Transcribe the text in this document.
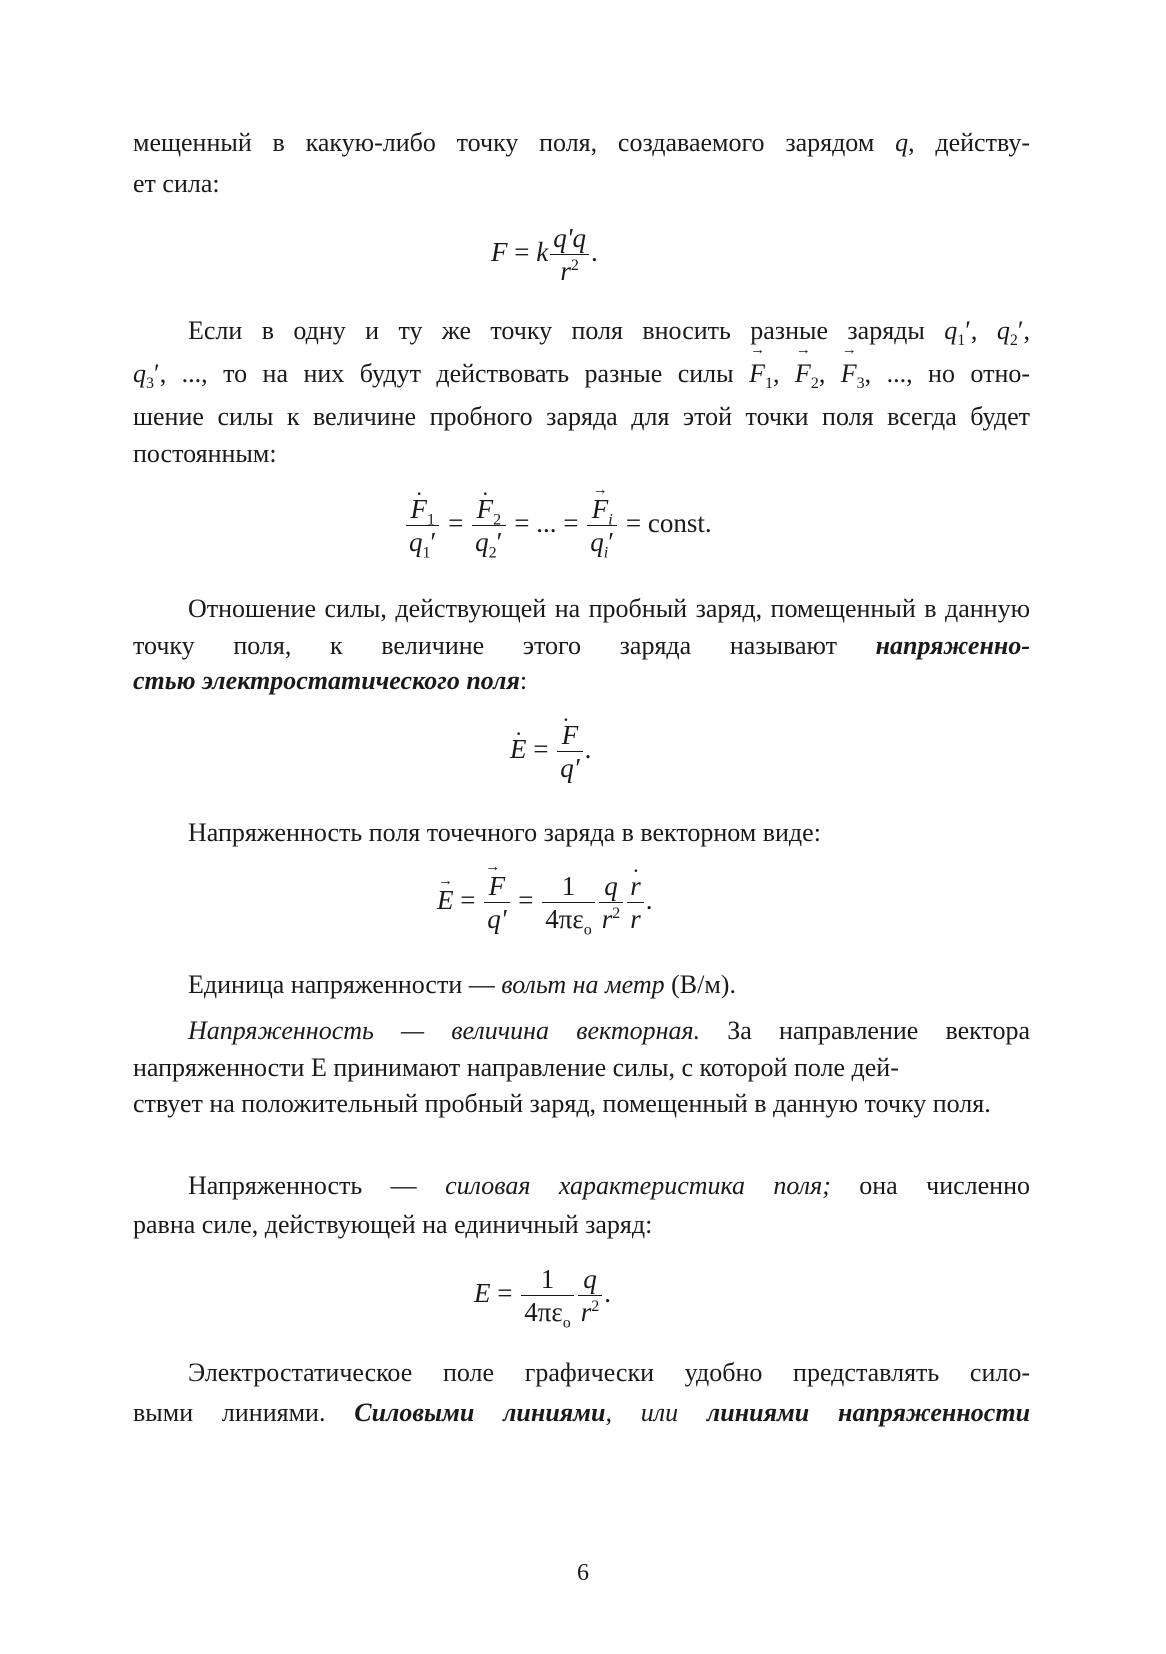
мещенный в какую-либо точку поля, создаваемого зарядом q, действу-

ет сила:

F = k $\frac{q'q}{r^2}$ .

Если в одну и ту же точку поля вносить разные заряды $q_1'$, $q_2'$,

$q_3'$, ..., то на них будут действовать разные силы → $F_1$, → $F_2$, → $F_3$, ..., но отно-

шение силы к величине пробного заряда для этой точки поля всегда будет постоянным:

· $\frac{F_1}{q_1'}$ =
· $\frac{F_2}{q_2'}$ = ... =
→ $\frac{F_i}{q_i'}$ = const.

Отношение силы, действующей на пробный заряд, помещенный в данную точку поля, к величине этого заряда называют напряженно-

стью электростатического поля:

· E =
· $\frac{F}{q'}$ .

Напряженность поля точечного заряда в векторном виде:

→ E =
→ $\frac{F}{q'} = \frac{1}{4\pi\varepsilon_o} \frac{q}{r^2}$
· $\frac{r}{r}$ .

Единица напряженности — вольт на метр (В/м).

Напряженность — величина векторная. За направление вектора напряженности Е принимают направление силы, с которой поле дей-

ствует на положительный пробный заряд, помещенный в данную точку поля.

Напряженность — силовая характеристика поля; она численно

равна силе, действующей на единичный заряд:

$E = \frac{1}{4\pi\varepsilon_o} \frac{q}{r^2}$ .

Электростатическое поле графически удобно представлять сило-

выми линиями. Силовыми линиями, или линиями напряженности

6
